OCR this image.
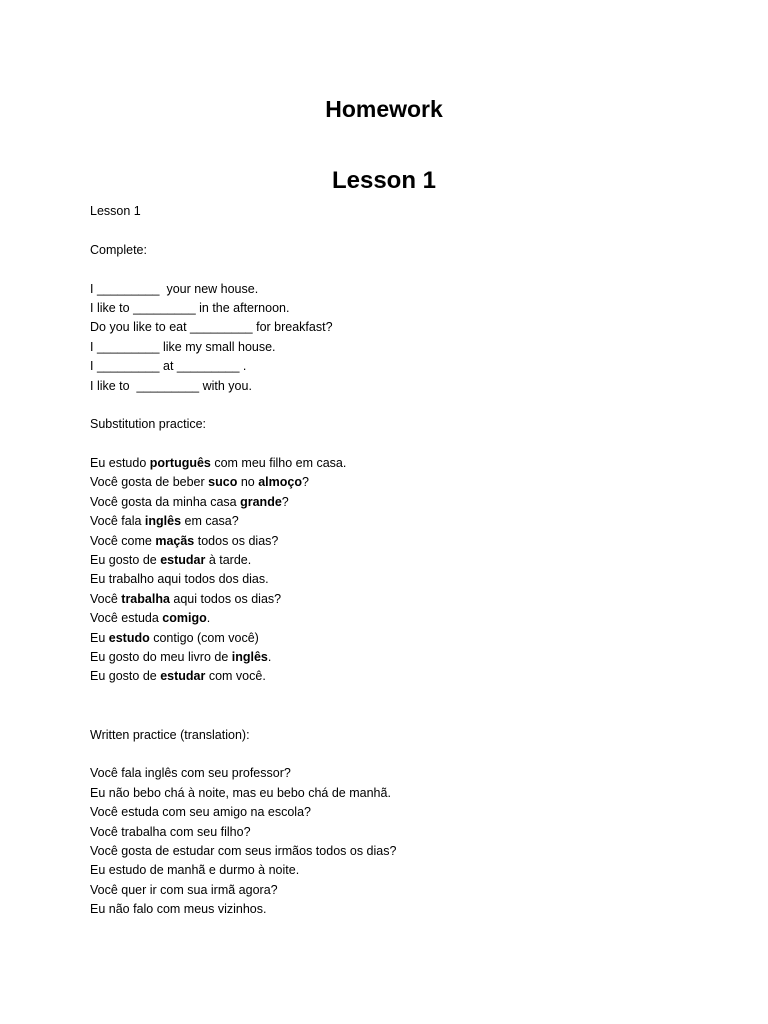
Homework
Lesson 1
Lesson 1
Complete:
I _________  your new house.
I like to _________ in the afternoon.
Do you like to eat _________ for breakfast?
I _________ like my small house.
I _________ at _________ .
I like to  _________ with you.
Substitution practice:
Eu estudo português com meu filho em casa.
Você gosta de beber suco no almoço?
Você gosta da minha casa grande?
Você fala inglês em casa?
Você come maçãs todos os dias?
Eu gosto de estudar à tarde.
Eu trabalho aqui todos dos dias.
Você trabalha aqui todos os dias?
Você estuda comigo.
Eu estudo contigo (com você)
Eu gosto do meu livro de inglês.
Eu gosto de estudar com você.
Written practice (translation):
Você fala inglês com seu professor?
Eu não bebo chá à noite, mas eu bebo chá de manhã.
Você estuda com seu amigo na escola?
Você trabalha com seu filho?
Você gosta de estudar com seus irmãos todos os dias?
Eu estudo de manhã e durmo à noite.
Você quer ir com sua irmã agora?
Eu não falo com meus vizinhos.
